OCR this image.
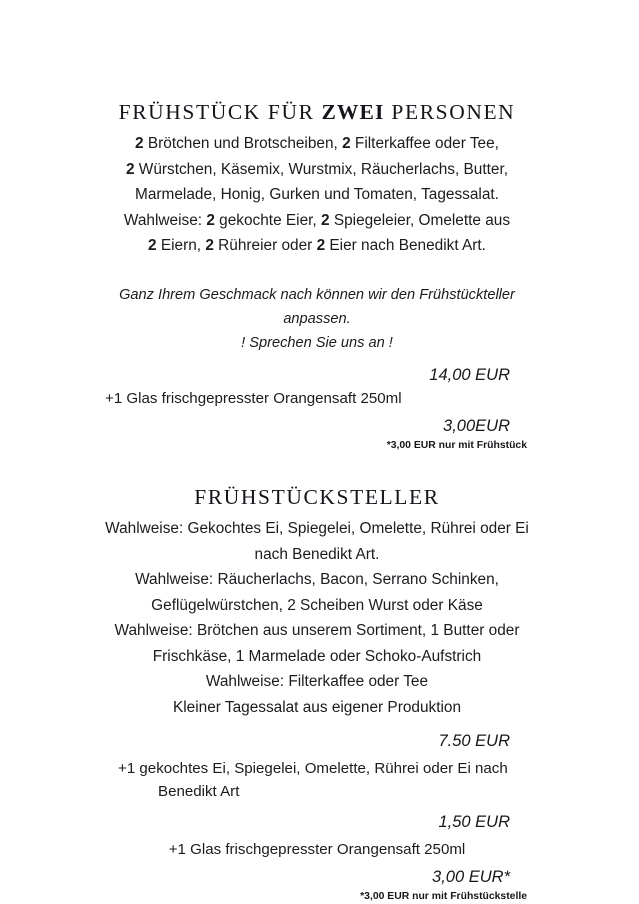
FRÜHSTÜCK FÜR ZWEI PERSONEN
2 Brötchen und Brotscheiben, 2 Filterkaffee oder Tee,
2 Würstchen, Käsemix, Wurstmix, Räucherlachs, Butter,
Marmelade, Honig, Gurken und Tomaten, Tagessalat.
Wahlweise: 2 gekochte Eier, 2 Spiegeleier, Omelette aus
2 Eiern, 2 Rühreier oder 2 Eier nach Benedikt Art.
Ganz Ihrem Geschmack nach können wir den Frühstückteller
anpassen.
! Sprechen Sie uns an !
14,00 EUR
+1 Glas frischgepresster Orangensaft 250ml
3,00EUR
*3,00 EUR nur mit Frühstück
FRÜHSTÜCKSTELLER
Wahlweise: Gekochtes Ei, Spiegelei, Omelette, Rührei oder Ei
nach Benedikt Art.
Wahlweise: Räucherlachs, Bacon, Serrano Schinken,
Geflügelwürstchen, 2 Scheiben Wurst oder Käse
Wahlweise: Brötchen aus unserem Sortiment, 1 Butter oder
Frischkäse, 1 Marmelade oder Schoko-Aufstrich
Wahlweise: Filterkaffee oder Tee
Kleiner Tagessalat aus eigener Produktion
7.50 EUR
+1 gekochtes Ei, Spiegelei, Omelette, Rührei oder Ei nach
Benedikt Art
1,50 EUR
+1 Glas frischgepresster Orangensaft 250ml
3,00 EUR*
*3,00 EUR nur mit Frühstückstelle
